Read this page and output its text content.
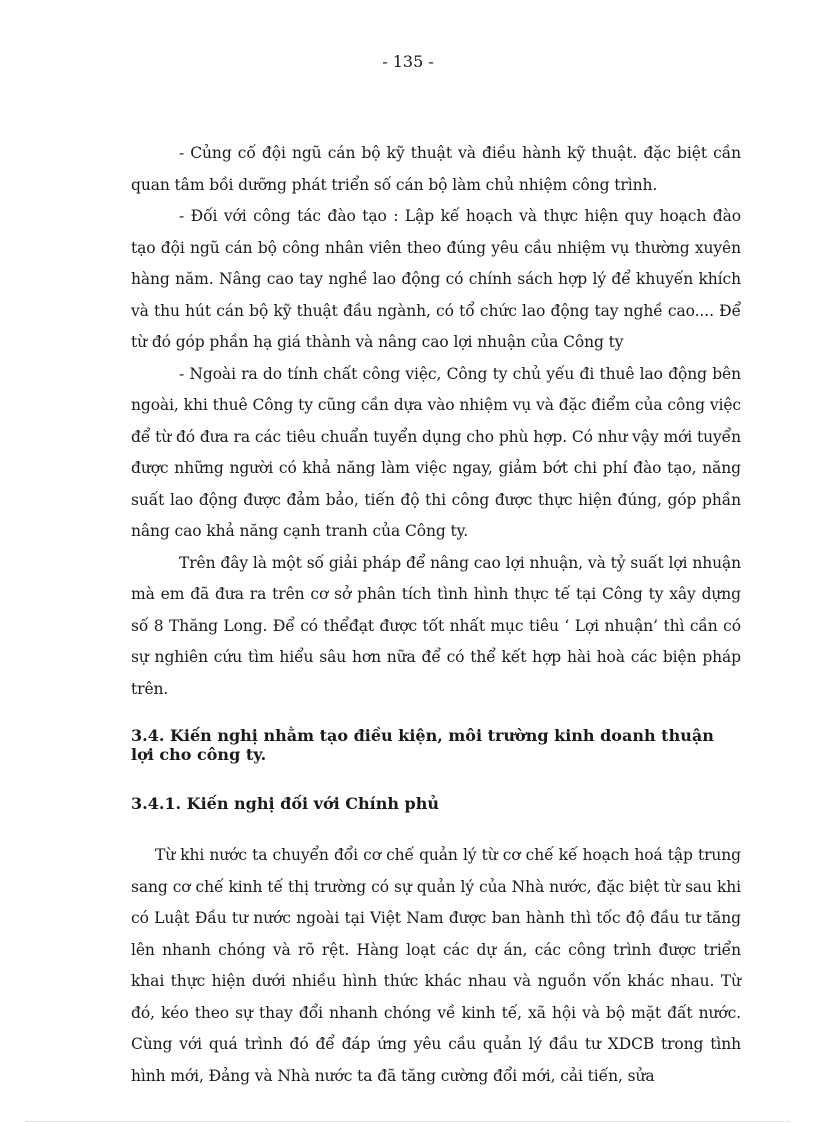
- 135 -

- Củng cố đội ngũ cán bộ kỹ thuật và điều hành kỹ thuật. đặc biệt cần quan tâm bồi dưỡng phát triển số cán bộ làm chủ nhiệm công trình.

- Đối với công tác đào tạo : Lập kế hoạch và thực hiện quy hoạch đào tạo đội ngũ cán bộ công nhân viên theo đúng yêu cầu nhiệm vụ thường xuyên hàng năm. Nâng cao tay nghề lao động có chính sách hợp lý để khuyến khích và thu hút cán bộ kỹ thuật đầu ngành, có tổ chức lao động tay nghề cao.... Để từ đó góp phần hạ giá thành và nâng cao lợi nhuận của Công ty

- Ngoài ra do tính chất công việc, Công ty chủ yếu đi thuê lao động bên ngoài, khi thuê Công ty cũng cần dựa vào nhiệm vụ và đặc điểm của công việc để từ đó đưa ra các tiêu chuẩn tuyển dụng cho phù hợp. Có như vậy mới tuyển được những người có khả năng làm việc ngay, giảm bớt chi phí đào tạo, năng suất lao động được đảm bảo, tiến độ thi công được thực hiện đúng, góp phần nâng cao khả năng cạnh tranh của Công ty.

Trên đây là một số giải pháp để nâng cao lợi nhuận, và tỷ suất lợi nhuận mà em đã đưa ra trên cơ sở phân tích tình hình thực tế tại Công ty xây dựng số 8 Thăng Long. Để có thểđạt được tốt nhất mục tiêu ‘ Lợi nhuận’ thì cần có sự nghiên cứu tìm hiểu sâu hơn nữa để có thể kết hợp hài hoà các biện pháp trên.

3.4. Kiến nghị nhằm tạo điều kiện, môi trường kinh doanh thuận lợi cho công ty.
3.4.1. Kiến nghị đối với Chính phủ

Từ khi nước ta chuyển đổi cơ chế quản lý từ cơ chế kế hoạch hoá tập trung sang cơ chế kinh tế thị trường có sự quản lý của Nhà nước, đặc biệt từ sau khi có Luật Đầu tư nước ngoài tại Việt Nam được ban hành thì tốc độ đầu tư tăng lên nhanh chóng và rõ rệt. Hàng loạt các dự án, các công trình được triển khai thực hiện dưới nhiều hình thức khác nhau và nguồn vốn khác nhau. Từ đó, kéo theo sự thay đổi nhanh chóng về kinh tế, xã hội và bộ mặt đất nước. Cùng với quá trình đó để đáp ứng yêu cầu quản lý đầu tư XDCB trong tình hình mới, Đảng và Nhà nước ta đã tăng cường đổi mới, cải tiến, sửa
